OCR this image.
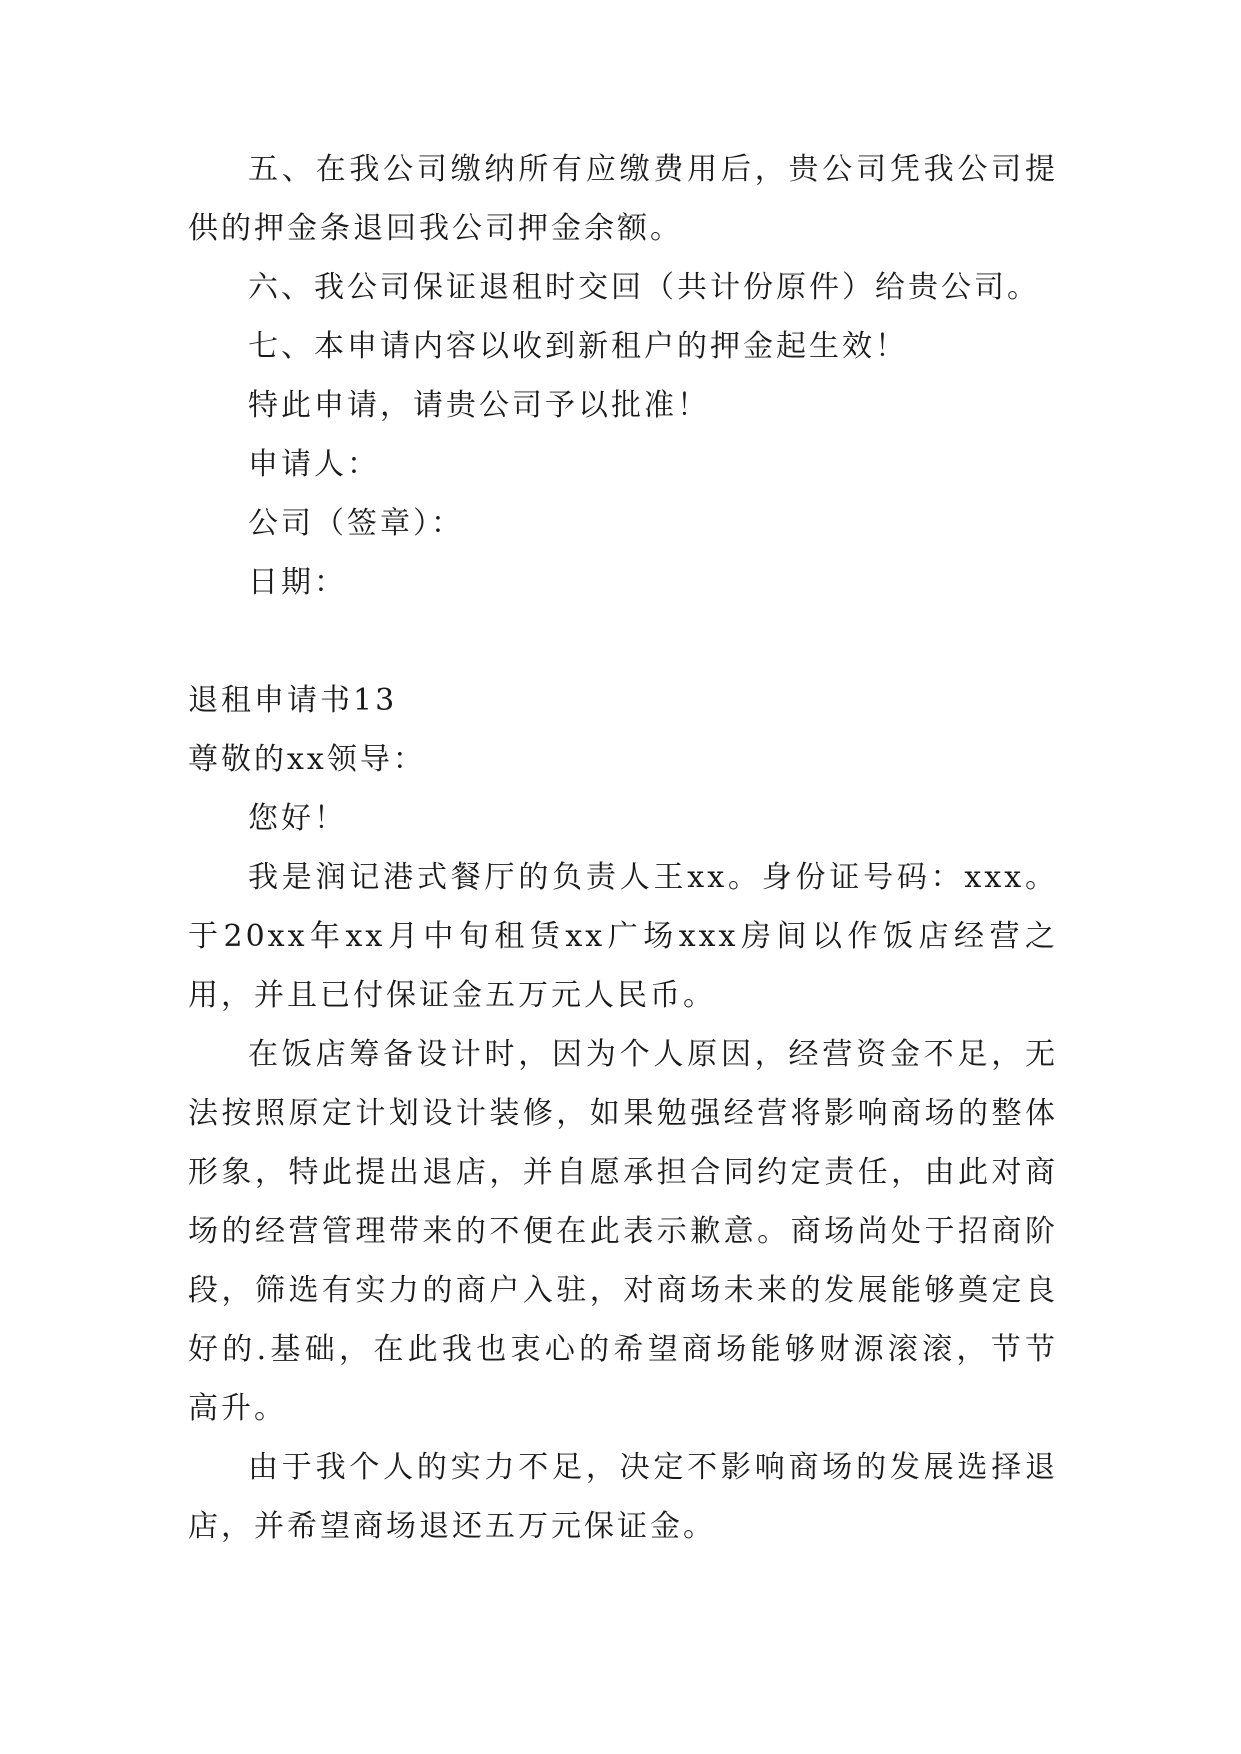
五、在我公司缴纳所有应缴费用后，贵公司凭我公司提供的押金条退回我公司押金余额。

六、我公司保证退租时交回（共计份原件）给贵公司。

七、本申请内容以收到新租户的押金起生效！

特此申请，请贵公司予以批准！

申请人：

公司（签章）：

日期：

退租申请书13

尊敬的xx领导：

您好！

我是润记港式餐厅的负责人王xx。身份证号码：xxx。于20xx年xx月中旬租赁xx广场xxx房间以作饭店经营之用，并且已付保证金五万元人民币。

在饭店筹备设计时，因为个人原因，经营资金不足，无法按照原定计划设计装修，如果勉强经营将影响商场的整体形象，特此提出退店，并自愿承担合同约定责任，由此对商场的经营管理带来的不便在此表示歉意。商场尚处于招商阶段，筛选有实力的商户入驻，对商场未来的发展能够奠定良好的.基础，在此我也衷心的希望商场能够财源滚滚，节节高升。

由于我个人的实力不足，决定不影响商场的发展选择退店，并希望商场退还五万元保证金。
